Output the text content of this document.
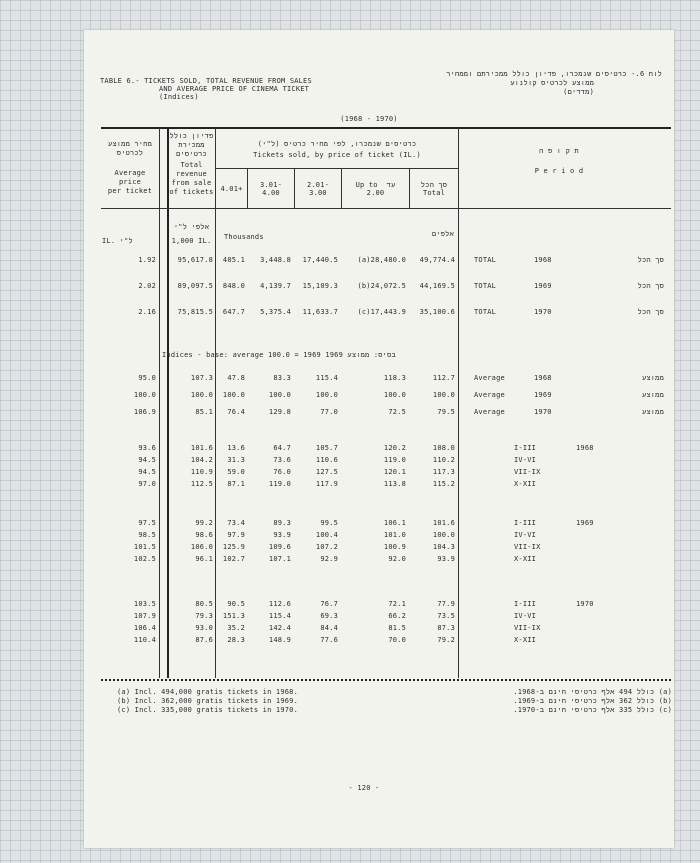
TABLE 6.- TICKETS SOLD, TOTAL REVENUE FROM SALES
AND AVERAGE PRICE OF CINEMA TICKET
(Indices)
לוח 6.- כרטיסים שנמכרו, פדיון כולל ממכירתם וממחיר
ממוצע לכרטיס קולנוע
(מדדים)
(1968 - 1970)
מחיר ממוצע
לכרטיס
Average
price
per ticket
פדיון כולל
ממכירת
כרטיסים
Total
revenue
from sale
of tickets
כרטיסים שנמכרו, לפי מחיר כרטיס (ל"י)
Tickets sold, by price of ticket (IL.)
4.01+	3.01-
4.00
2.01-
3.00
Up to  עד
2.00
סך הכל
Total
ת ק ו פ ה
P e r i o d
IL. ל"י
אלפי ל"י
1,000 IL.	Thousands	אלפים
Indices - base: average 100.0 = 1969 בסיס: ממוצע 1969
1.92	95,617.8	405.1	3,448.8	17,440.5	(a)28,480.0	49,774.4	TOTAL	1968	סך הכל
2.02	89,097.5	848.0	4,139.7	15,109.3	(b)24,072.5	44,169.5	TOTAL	1969	סך הכל
2.16	75,815.5	647.7	5,375.4	11,633.7	(c)17,443.9	35,100.6	TOTAL	1970	סך הכל
95.0	107.3	47.8	83.3	115.4	118.3	112.7	Average	1968	ממוצע
100.0	100.0	100.0	100.0	100.0	100.0	100.0	Average	1969	ממוצע
106.9	85.1	76.4	129.8	77.0	72.5	79.5	Average	1970	ממוצע
1968
93.6	101.6	13.6	64.7	105.7	120.2	108.0	I-III
94.5	104.2	31.3	73.6	110.6	119.0	110.2	IV-VI
94.5	110.9	59.0	76.0	127.5	120.1	117.3	VII-IX
97.0	112.5	87.1	119.0	117.9	113.8	115.2	X-XII
1969
97.5	99.2	73.4	89.3	99.5	106.1	101.6	I-III
98.5	98.6	97.9	93.9	100.4	101.0	100.0	IV-VI
101.5	106.0	125.9	109.6	107.2	100.9	104.3	VII-IX
102.5	96.1	102.7	107.1	92.9	92.0	93.9	X-XII
1970
103.5	80.5	90.5	112.6	76.7	72.1	77.9	I-III
107.9	79.3	151.3	115.4	69.3	66.2	73.5	IV-VI
106.4	93.0	35.2	142.4	84.4	81.5	87.3	VII-IX
110.4	87.6	28.3	148.9	77.6	70.0	79.2	X-XII
(a) Incl. 494,000 gratis tickets in 1968.
(b) Incl. 362,000 gratis tickets in 1969.
(c) Incl. 335,000 gratis tickets in 1970.
(a) כולל 494 אלף כרטיסי חינם ב-1968.
(b) כולל 362 אלף כרטיסי חינם ב-1969.
(c) כולל 335 אלף כרטיסי חינם ב-1970.
- 120 -
